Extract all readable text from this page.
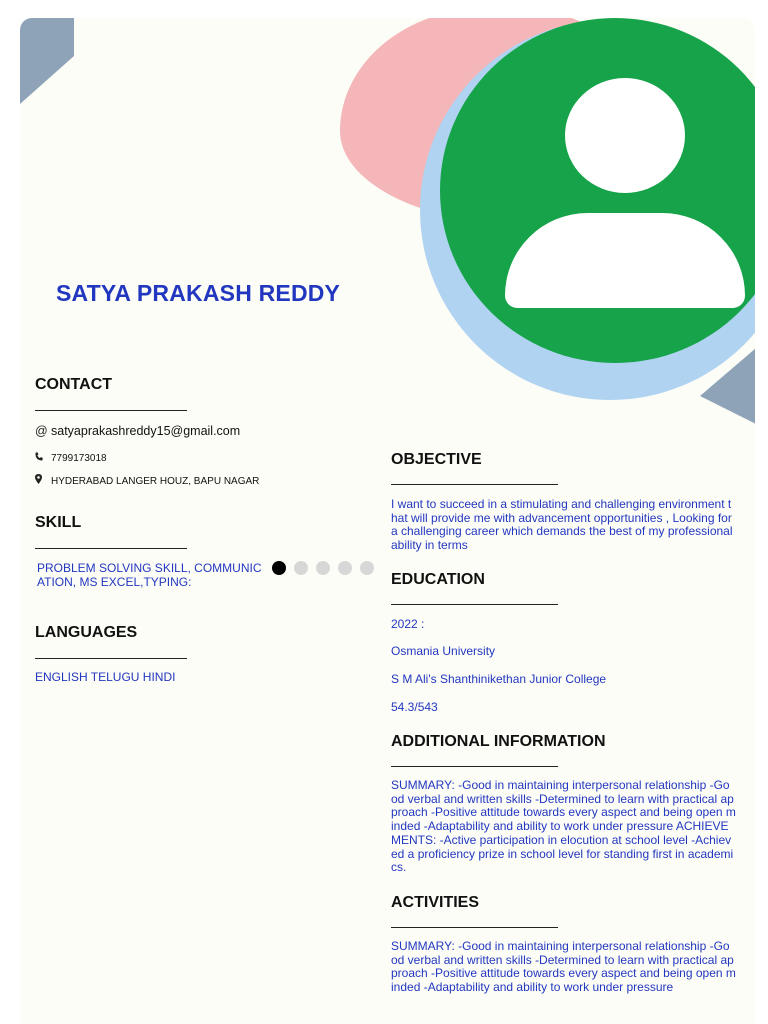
SATYA PRAKASH REDDY
CONTACT
@ satyaprakashreddy15@gmail.com
7799173018
HYDERABAD LANGER HOUZ, BAPU NAGAR
SKILL
PROBLEM SOLVING SKILL, COMMUNICATION, MS EXCEL,TYPING:
LANGUAGES
ENGLISH TELUGU HINDI
OBJECTIVE
I want to succeed in a stimulating and challenging environment that will provide me with advancement opportunities , Looking for a challenging career which demands the best of my professional ability in terms
EDUCATION
2022 :
Osmania University
S M Ali's Shanthinikethan Junior College
54.3/543
ADDITIONAL INFORMATION
SUMMARY: -Good in maintaining interpersonal relationship -Good verbal and written skills -Determined to learn with practical approach -Positive attitude towards every aspect and being open minded -Adaptability and ability to work under pressure ACHIEVEMENTS: -Active participation in elocution at school level -Achieved a proficiency prize in school level for standing first in academics.
ACTIVITIES
SUMMARY: -Good in maintaining interpersonal relationship -Good verbal and written skills -Determined to learn with practical approach -Positive attitude towards every aspect and being open minded -Adaptability and ability to work under pressure
